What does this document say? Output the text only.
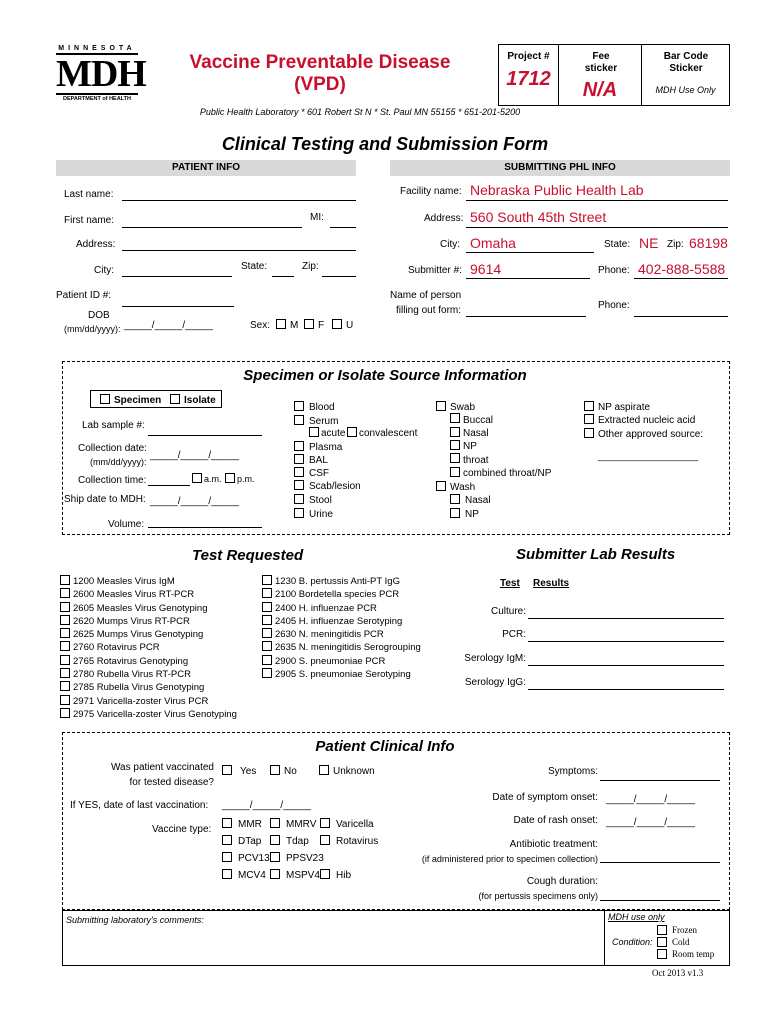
MINNESOTA
MDH
DEPARTMENT of HEALTH
Vaccine Preventable Disease
(VPD)
Public Health Laboratory * 601 Robert St N * St. Paul MN 55155 * 651-201-5200
Project #
1712
Fee sticker
N/A
Bar Code Sticker
MDH Use Only
Clinical Testing and Submission Form
PATIENT INFO	SUBMITTING PHL INFO
Last name:
First name:	MI:
Address:
City:	State:	Zip:
Patient ID #:
DOB
(mm/dd/yyyy): _____/_____/_____	Sex: M F U
Facility name: Nebraska Public Health Lab
Address: 560 South 45th Street
City: Omaha	State: NE Zip: 68198
Submitter #: 9614	Phone: 402-888-5588
Name of person
filling out form:	Phone:
Specimen or Isolate Source Information
Specimen Isolate
Lab sample #:
Collection date:
(mm/dd/yyyy):
_____/_____/_____
Collection time:	a.m. p.m.
Ship date to MDH: _____/_____/_____
Volume:
Blood
Serum
acute convalescent
Plasma
BAL
CSF
Scab/lesion
Stool
Urine
Swab
Buccal
Nasal
NP
throat
combined throat/NP
Wash
Nasal
NP
NP aspirate
Extracted nucleic acid
Other approved source:
____________________
Test Requested
1200 Measles Virus IgM
2600 Measles Virus RT-PCR
2605 Measles Virus Genotyping
2620 Mumps Virus RT-PCR
2625 Mumps Virus Genotyping
2760 Rotavirus PCR
2765 Rotavirus Genotyping
2780 Rubella Virus RT-PCR
2785 Rubella Virus Genotyping
2971 Varicella-zoster Virus PCR
2975 Varicella-zoster Virus Genotyping
1230 B. pertussis Anti-PT IgG
2100 Bordetella species PCR
2400 H. influenzae PCR
2405 H. influenzae Serotyping
2630 N. meningitidis PCR
2635 N. meningitidis Serogrouping
2900 S. pneumoniae PCR
2905 S. pneumoniae Serotyping
Submitter Lab Results
Test Results
Culture:
PCR:
Serology IgM:
Serology IgG:
Patient Clinical Info
Was patient vaccinated
for tested disease?
Yes	No	Unknown
If YES, date of last vaccination: _____/_____/_____
Vaccine type:	MMR MMRV Varicella
DTap Tdap	Rotavirus
PCV13 PPSV23
MCV4 MSPV4 Hib
Symptoms:
Date of symptom onset: _____/_____/_____
Date of rash onset: _____/_____/_____
Antibiotic treatment:
(if administered prior to specimen collection)
Cough duration:
(for pertussis specimens only)
Submitting laboratory's comments:	MDH use only
Condition:
Frozen
Cold
Room temp
Oct 2013 v1.3
